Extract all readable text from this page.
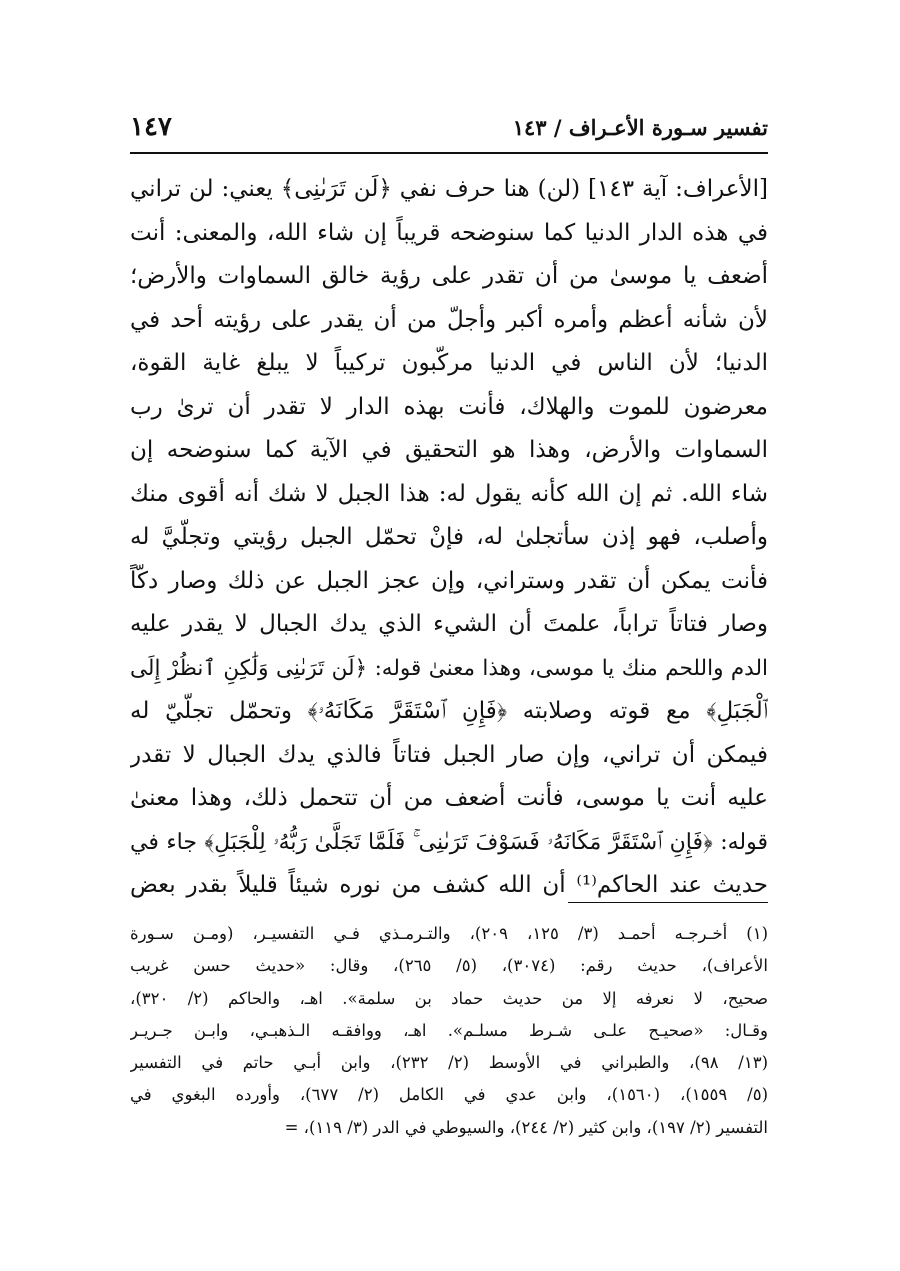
تفسير سـورة الأعـراف / ١٤٣
١٤٧
[الأعراف: آية ١٤٣] (لن) هنا حرف نفي ﴿لَن تَرَىٰنِى﴾ يعني: لن تراني
في هذه الدار الدنيا كما سنوضحه قريباً إن شاء الله، والمعنى: أنت
أضعف يا موسىٰ من أن تقدر على رؤية خالق السماوات والأرض؛
لأن شأنه أعظم وأمره أكبر وأجلّ من أن يقدر على رؤيته أحد في
الدنيا؛ لأن الناس في الدنيا مركّبون تركيباً لا يبلغ غاية القوة،
معرضون للموت والهلاك، فأنت بهذه الدار لا تقدر أن ترىٰ رب
السماوات والأرض، وهذا هو التحقيق في الآية كما سنوضحه إن
شاء الله. ثم إن الله كأنه يقول له: هذا الجبل لا شك أنه أقوى منك
وأصلب، فهو إذن سأتجلىٰ له، فإنْ تحمّل الجبل رؤيتي وتجلّيَّ له
فأنت يمكن أن تقدر وستراني، وإن عجز الجبل عن ذلك وصار دكّاً
وصار فتاتاً تراباً، علمتَ أن الشيء الذي يدك الجبال لا يقدر عليه
الدم واللحم منك يا موسى، وهذا معنىٰ قوله: ﴿لَن تَرَىٰنِى وَلَٰكِنِ ٱنظُرْ إِلَى
ٱلْجَبَلِ﴾ مع قوته وصلابته ﴿فَإِنِ ٱسْتَقَرَّ مَكَانَهُۥ﴾ وتحمّل تجلّيّ له
فيمكن أن تراني، وإن صار الجبل فتاتاً فالذي يدك الجبال لا تقدر
عليه أنت يا موسى، فأنت أضعف من أن تتحمل ذلك، وهذا معنىٰ
قوله: ﴿فَإِنِ ٱسْتَقَرَّ مَكَانَهُۥ فَسَوْفَ تَرَىٰنِى ۚ فَلَمَّا تَجَلَّىٰ رَبُّهُۥ لِلْجَبَلِ﴾ جاء في
حديث عند الحاكم⁽¹⁾ أن الله كشف من نوره شيئاً قليلاً بقدر بعض
(١) أخـرجـه أحمـد (٣/ ١٢٥، ٢٠٩)، والتـرمـذي فـي التفسيـر، (ومـن سـورة
الأعراف)، حديث رقم: (٣٠٧٤)، (٥/ ٢٦٥)، وقال: «حديث حسن غريب
صحيح، لا نعرفه إلا من حديث حماد بن سلمة». اهـ، والحاكم (٢/ ٣٢٠)،
وقـال: «صحيـح علـى شـرط مسلـم». اهـ، ووافقـه الـذهبـي، وابـن جـريـر
(١٣/ ٩٨)، والطبراني في الأوسط (٢/ ٢٣٢)، وابن أبـي حاتم في التفسير
(٥/ ١٥٥٩)، (١٥٦٠)، وابن عدي في الكامل (٢/ ٦٧٧)، وأورده البغوي في
التفسير (٢/ ١٩٧)، وابن كثير (٢/ ٢٤٤)، والسيوطي في الدر (٣/ ١١٩)، =
